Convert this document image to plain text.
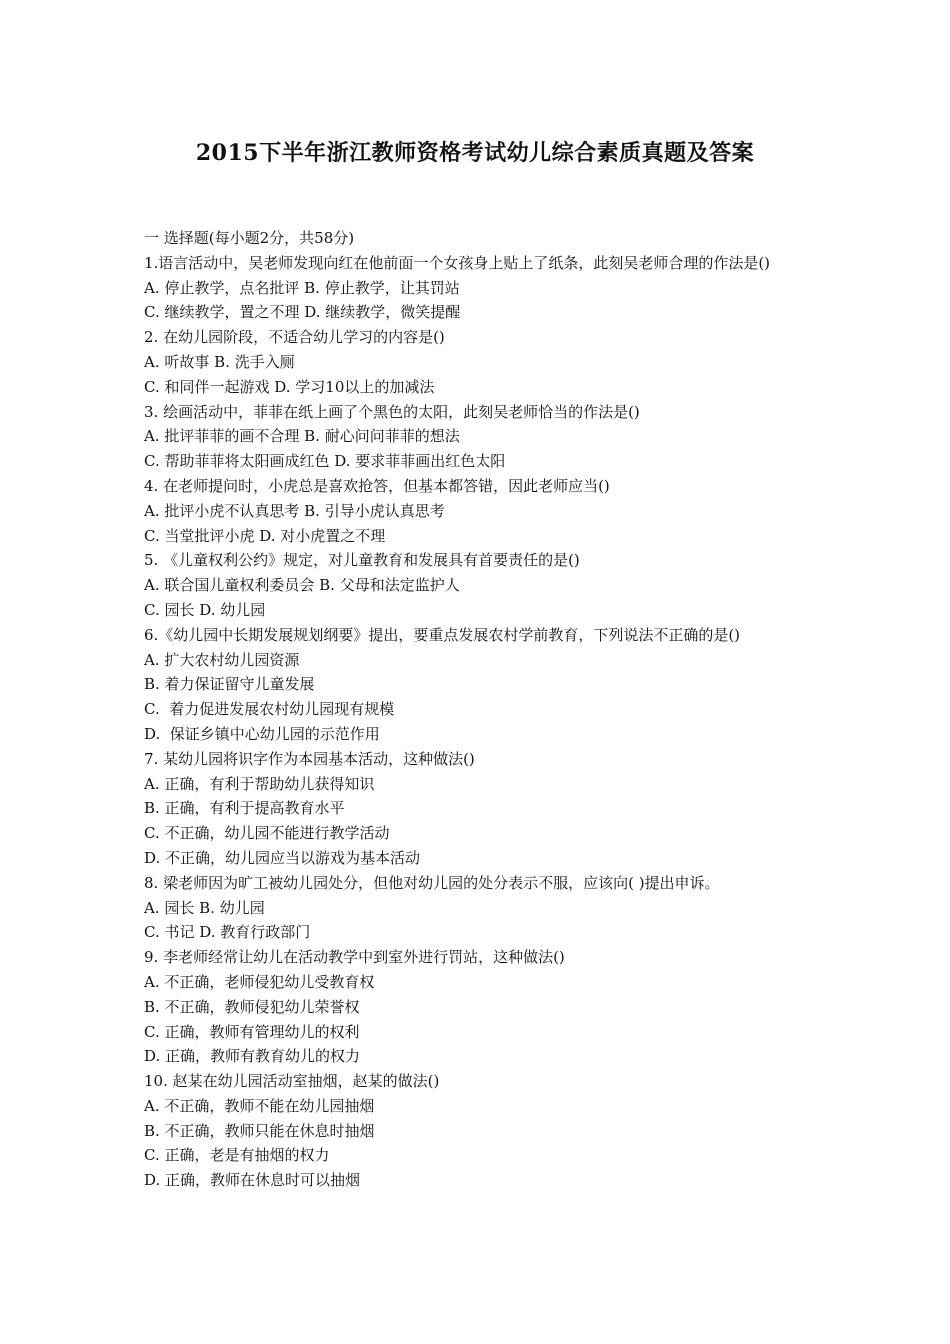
2015下半年浙江教师资格考试幼儿综合素质真题及答案
一 选择题(每小题2分，共58分)
1.语言活动中，吴老师发现向红在他前面一个女孩身上贴上了纸条，此刻吴老师合理的作法是()
A. 停止教学，点名批评 B. 停止教学，让其罚站
C. 继续教学，置之不理 D. 继续教学，微笑提醒
2. 在幼儿园阶段，不适合幼儿学习的内容是()
A. 听故事 B. 洗手入厕
C. 和同伴一起游戏 D. 学习10以上的加减法
3. 绘画活动中，菲菲在纸上画了个黑色的太阳，此刻吴老师恰当的作法是()
A. 批评菲菲的画不合理 B. 耐心问问菲菲的想法
C. 帮助菲菲将太阳画成红色 D. 要求菲菲画出红色太阳
4. 在老师提问时，小虎总是喜欢抢答，但基本都答错，因此老师应当()
A. 批评小虎不认真思考 B. 引导小虎认真思考
C. 当堂批评小虎 D. 对小虎置之不理
5. 《儿童权利公约》规定，对儿童教育和发展具有首要责任的是()
A. 联合国儿童权利委员会 B. 父母和法定监护人
C. 园长 D. 幼儿园
6.《幼儿园中长期发展规划纲要》提出，要重点发展农村学前教育，下列说法不正确的是()
A. 扩大农村幼儿园资源
B. 着力保证留守儿童发展
C.  着力促进发展农村幼儿园现有规模
D.  保证乡镇中心幼儿园的示范作用
7. 某幼儿园将识字作为本园基本活动，这种做法()
A. 正确，有利于帮助幼儿获得知识
B. 正确，有利于提高教育水平
C. 不正确，幼儿园不能进行教学活动
D. 不正确，幼儿园应当以游戏为基本活动
8. 梁老师因为旷工被幼儿园处分，但他对幼儿园的处分表示不服，应该向( )提出申诉。
A. 园长 B. 幼儿园
C. 书记 D. 教育行政部门
9. 李老师经常让幼儿在活动教学中到室外进行罚站，这种做法()
A. 不正确，老师侵犯幼儿受教育权
B. 不正确，教师侵犯幼儿荣誉权
C. 正确，教师有管理幼儿的权利
D. 正确，教师有教育幼儿的权力
10. 赵某在幼儿园活动室抽烟，赵某的做法()
A. 不正确，教师不能在幼儿园抽烟
B. 不正确，教师只能在休息时抽烟
C. 正确，老是有抽烟的权力
D. 正确，教师在休息时可以抽烟
